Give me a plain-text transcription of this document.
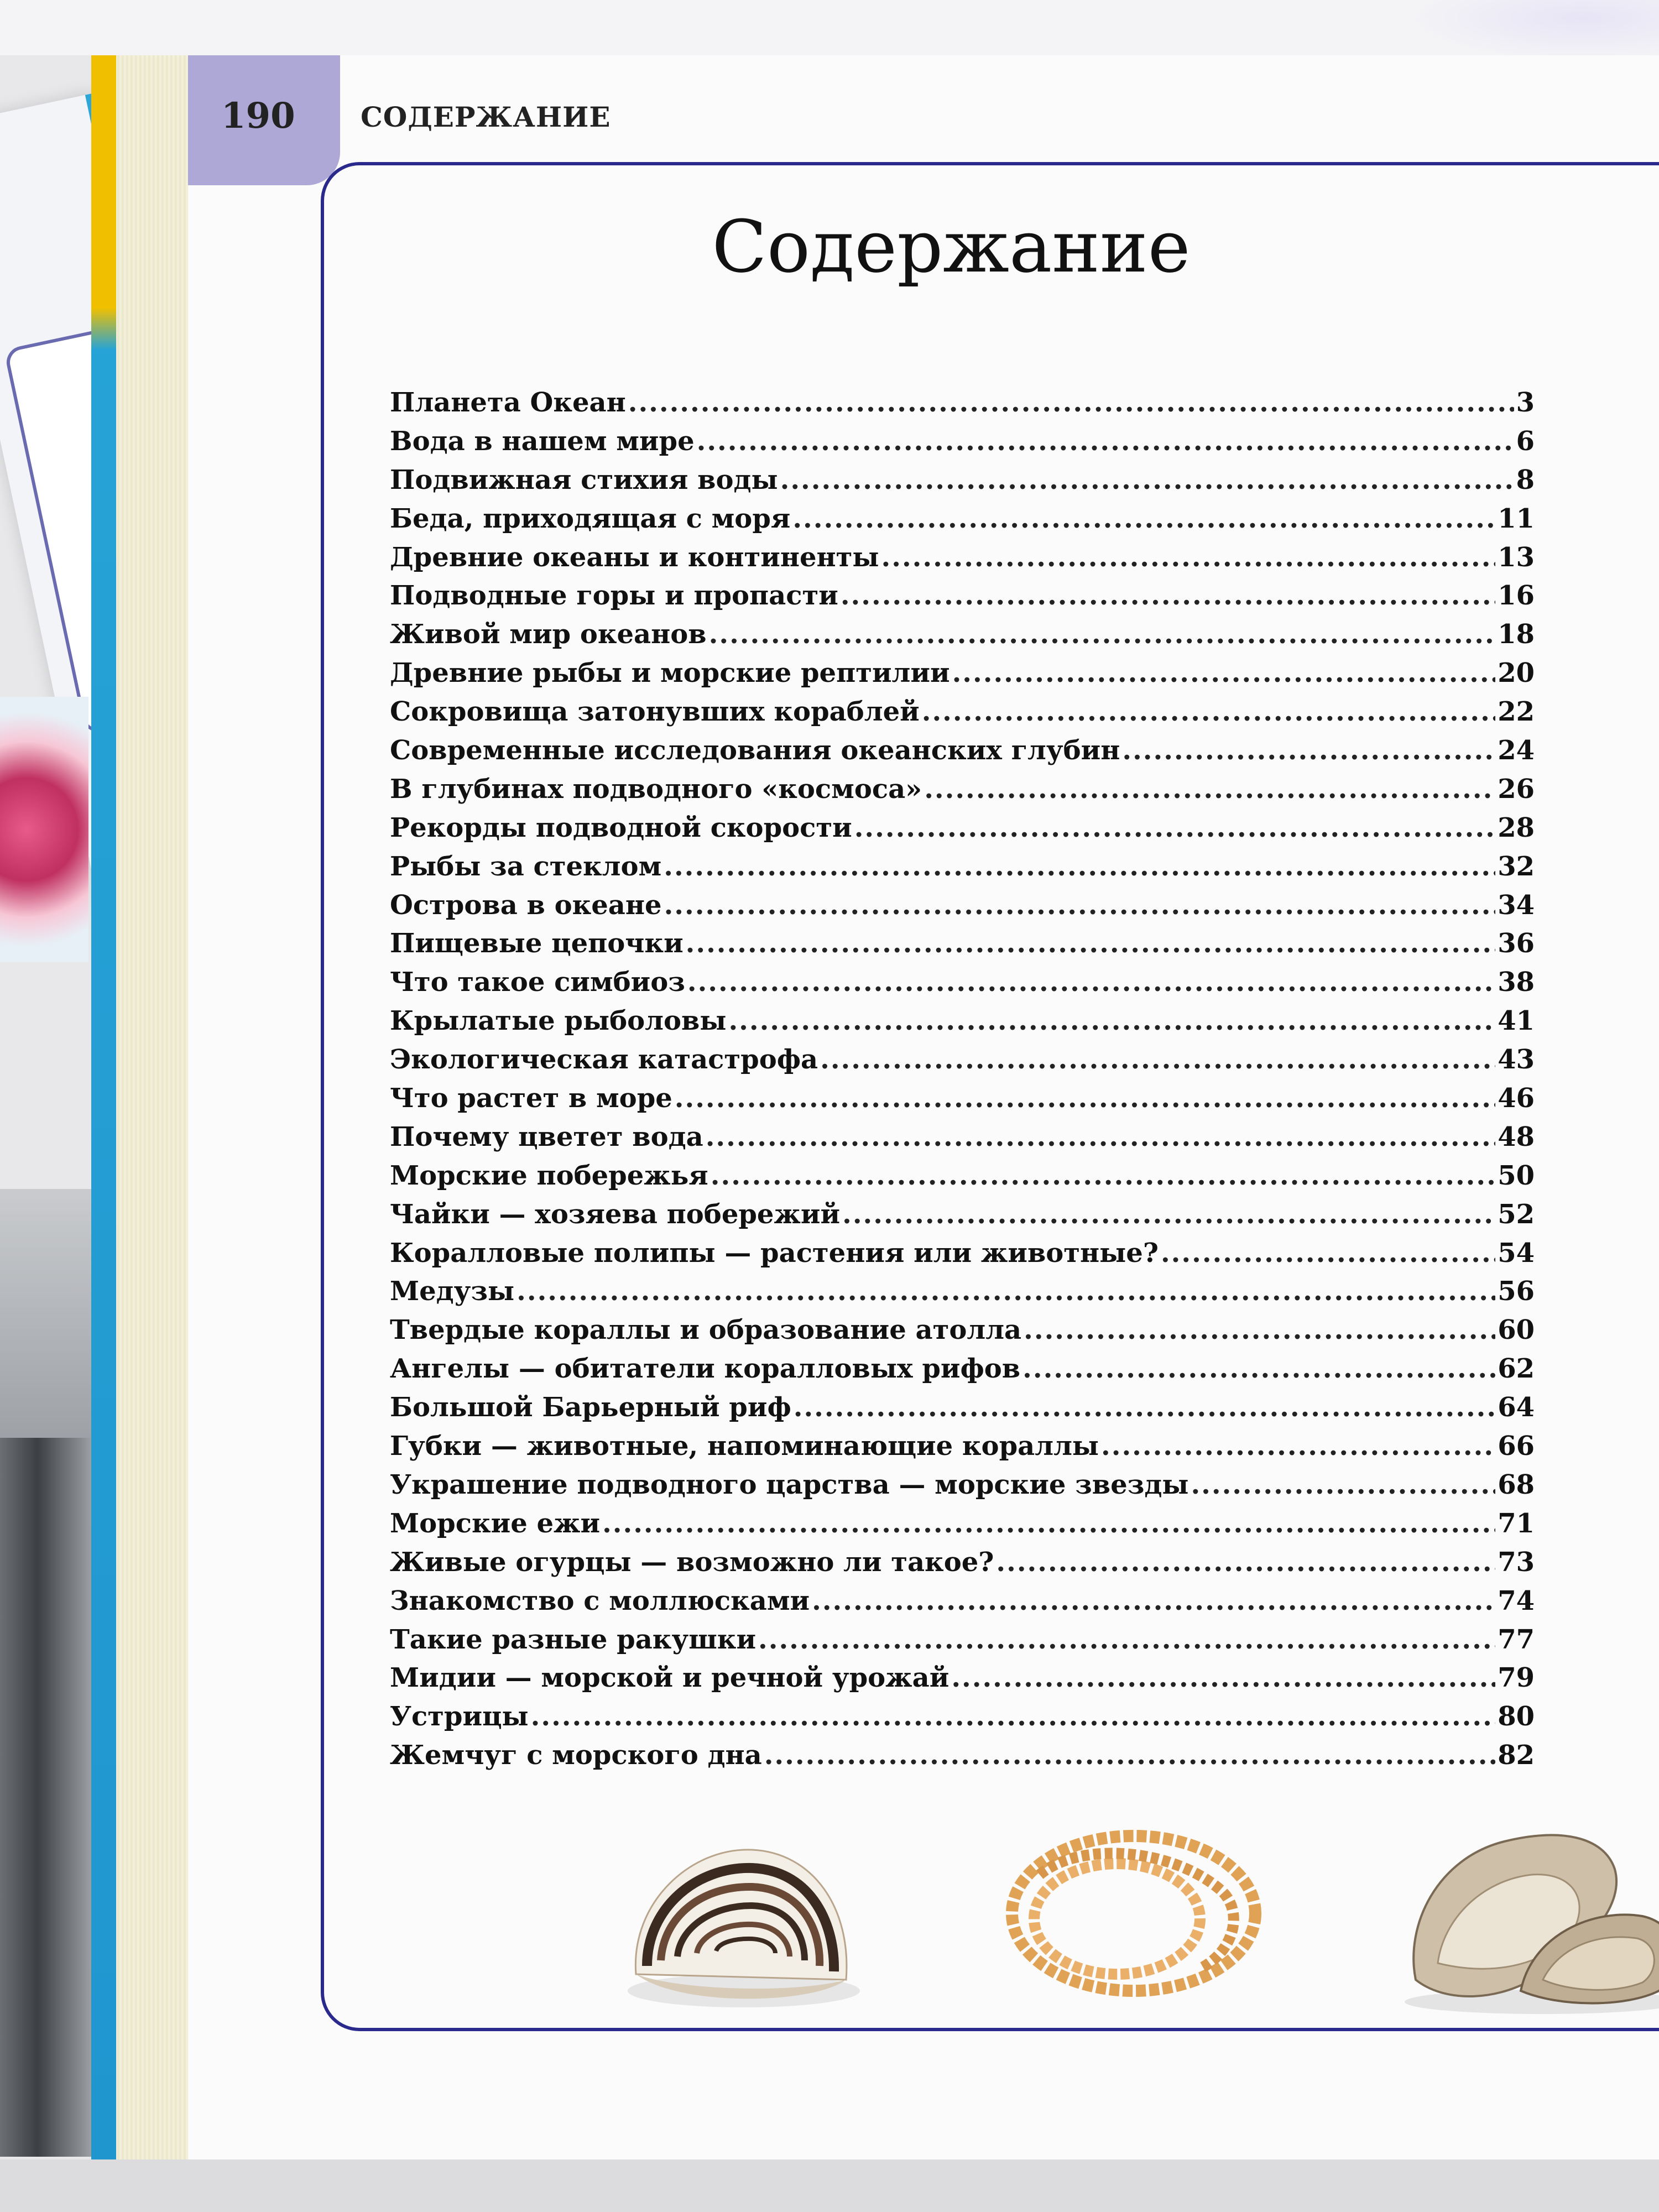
190 СОДЕРЖАНИЕ
Содержание
Планета Океан .....	3
Вода в нашем мире .....	6
Подвижная стихия воды .....	8
Беда, приходящая с моря .....	11
Древние океаны и континенты .....	13
Подводные горы и пропасти .....	16
Живой мир океанов .....	18
Древние рыбы и морские рептилии .....	20
Сокровища затонувших кораблей .....	22
Современные исследования океанских глубин .....	24
В глубинах подводного «космоса» .....	26
Рекорды подводной скорости .....	28
Рыбы за стеклом .....	32
Острова в океане .....	34
Пищевые цепочки .....	36
Что такое симбиоз .....	38
Крылатые рыболовы .....	41
Экологическая катастрофа .....	43
Что растет в море .....	46
Почему цветет вода .....	48
Морские побережья .....	50
Чайки — хозяева побережий .....	52
Коралловые полипы — растения или животные? .....	54
Медузы .....	56
Твердые кораллы и образование атолла .....	60
Ангелы — обитатели коралловых рифов .....	62
Большой Барьерный риф .....	64
Губки — животные, напоминающие кораллы .....	66
Украшение подводного царства — морские звезды .....	68
Морские ежи .....	71
Живые огурцы — возможно ли такое? .....	73
Знакомство с моллюсками .....	74
Такие разные ракушки .....	77
Мидии — морской и речной урожай .....	79
Устрицы .....	80
Жемчуг с морского дна .....	82
